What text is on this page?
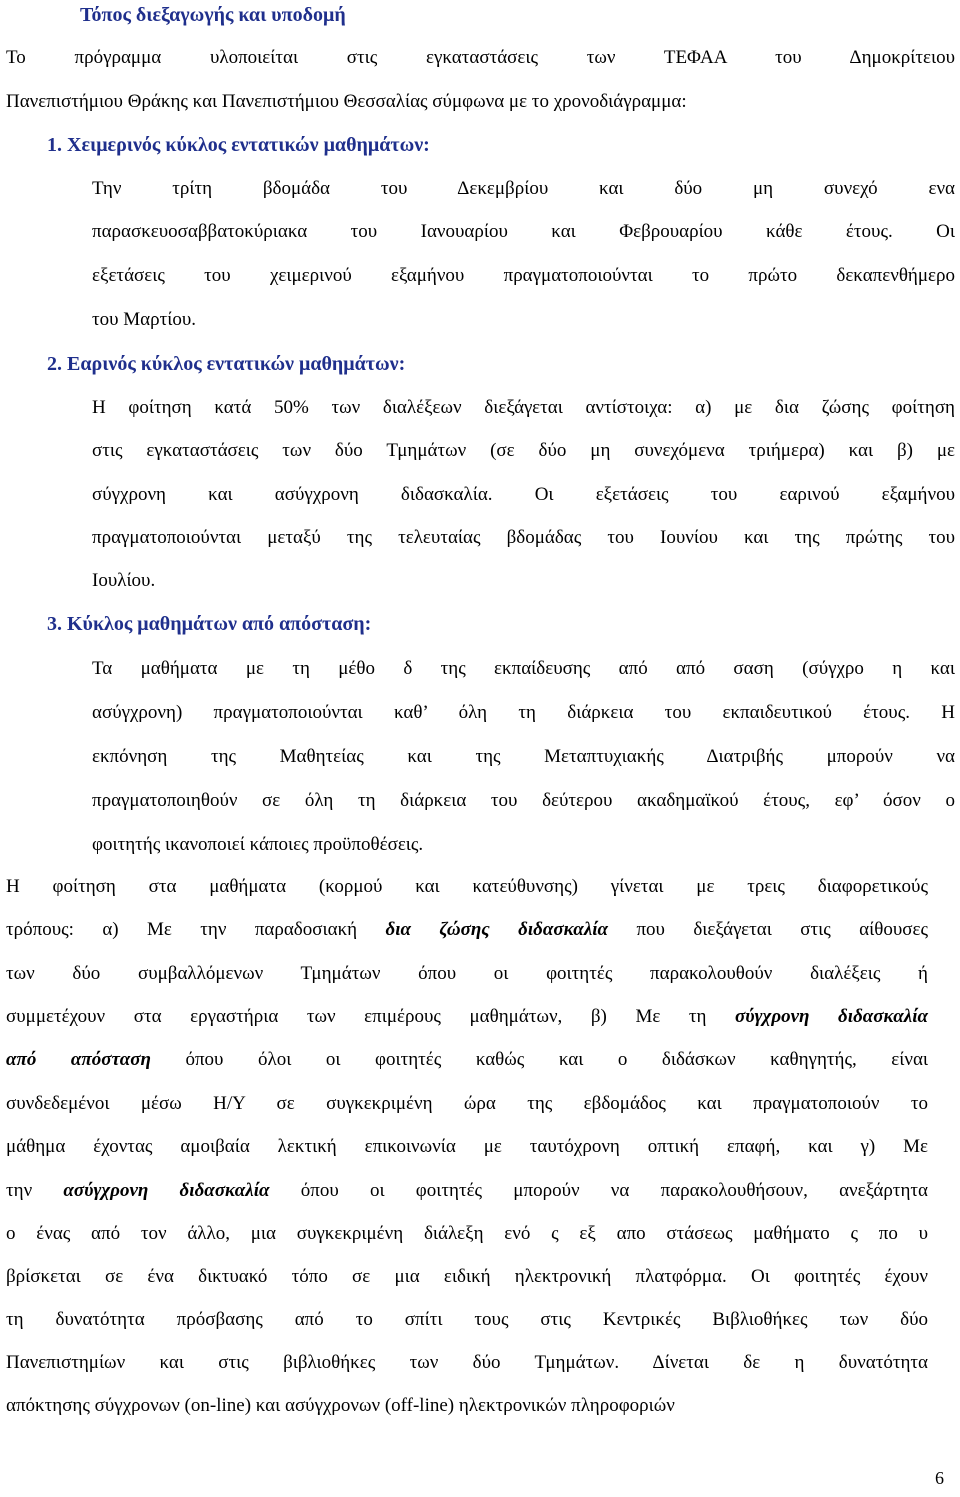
Τόπος διεξαγωγής και υποδομή
Το πρόγραμμα υλοποιείται στις εγκαταστάσεις των ΤΕΦΑΑ του Δημοκρίτειου
Πανεπιστήμιου Θράκης και Πανεπιστήμιου Θεσσαλίας σύμφωνα με το χρονοδιάγραμμα:
1. Χειμερινός κύκλος εντατικών μαθημάτων:
Την τρίτη βδομάδα του Δεκεμβρίου και δύο μη συνεχό ενα
παρασκευοσαββατοκύριακα του Ιανουαρίου και Φεβρουαρίου κάθε έτους. Οι
εξετάσεις του χειμερινού εξαμήνου πραγματοποιούνται το πρώτο δεκαπενθήμερο
του Μαρτίου.
2. Εαρινός κύκλος εντατικών μαθημάτων:
Η φοίτηση κατά 50% των διαλέξεων διεξάγεται αντίστοιχα: α) με δια ζώσης φοίτηση
στις εγκαταστάσεις των δύο Τμημάτων (σε δύο μη συνεχόμενα τριήμερα) και β) με
σύγχρονη και ασύγχρονη διδασκαλία. Οι εξετάσεις του εαρινού εξαμήνου
πραγματοποιούνται μεταξύ της τελευταίας βδομάδας του Ιουνίου και της πρώτης του
Ιουλίου.
3. Κύκλος μαθημάτων από απόσταση:
Τα μαθήματα με τη μέθο δ της εκπαίδευσης από από σαση (σύγχρο η και
ασύγχρονη) πραγματοποιούνται καθ’ όλη τη διάρκεια του εκπαιδευτικού έτους. Η
εκπόνηση της Μαθητείας και της Μεταπτυχιακής Διατριβής μπορούν να
πραγματοποιηθούν σε όλη τη διάρκεια του δεύτερου ακαδημαϊκού έτους, εφ’ όσον ο
φοιτητής ικανοποιεί κάποιες προϋποθέσεις.
Η φοίτηση στα μαθήματα (κορμού και κατεύθυνσης) γίνεται με τρεις διαφορετικούς
τρόπους: α) Με την παραδοσιακή δια ζώσης διδασκαλία που διεξάγεται στις αίθουσες
των δύο συμβαλλόμενων Τμημάτων όπου οι φοιτητές παρακολουθούν διαλέξεις ή
συμμετέχουν στα εργαστήρια των επιμέρους μαθημάτων, β) Με τη σύγχρονη διδασκαλία
από απόσταση όπου όλοι οι φοιτητές καθώς και ο διδάσκων καθηγητής, είναι
συνδεδεμένοι μέσω Η/Υ σε συγκεκριμένη ώρα της εβδομάδος και πραγματοποιούν το
μάθημα έχοντας αμοιβαία λεκτική επικοινωνία με ταυτόχρονη οπτική επαφή, και γ) Με
την ασύγχρονη διδασκαλία όπου οι φοιτητές μπορούν να παρακολουθήσουν, ανεξάρτητα
ο ένας από τον άλλο, μια συγκεκριμένη διάλεξη ενό ς εξ απο στάσεως μαθήματο ς πο υ
βρίσκεται σε ένα δικτυακό τόπο σε μια ειδική ηλεκτρονική πλατφόρμα. Οι φοιτητές έχουν
τη δυνατότητα πρόσβασης από το σπίτι τους στις Κεντρικές Βιβλιοθήκες των δύο
Πανεπιστημίων και στις βιβλιοθήκες των δύο Τμημάτων. Δίνεται δε η δυνατότητα
απόκτησης σύγχρονων (on-line) και ασύγχρονων (off-line) ηλεκτρονικών πληροφοριών
6
